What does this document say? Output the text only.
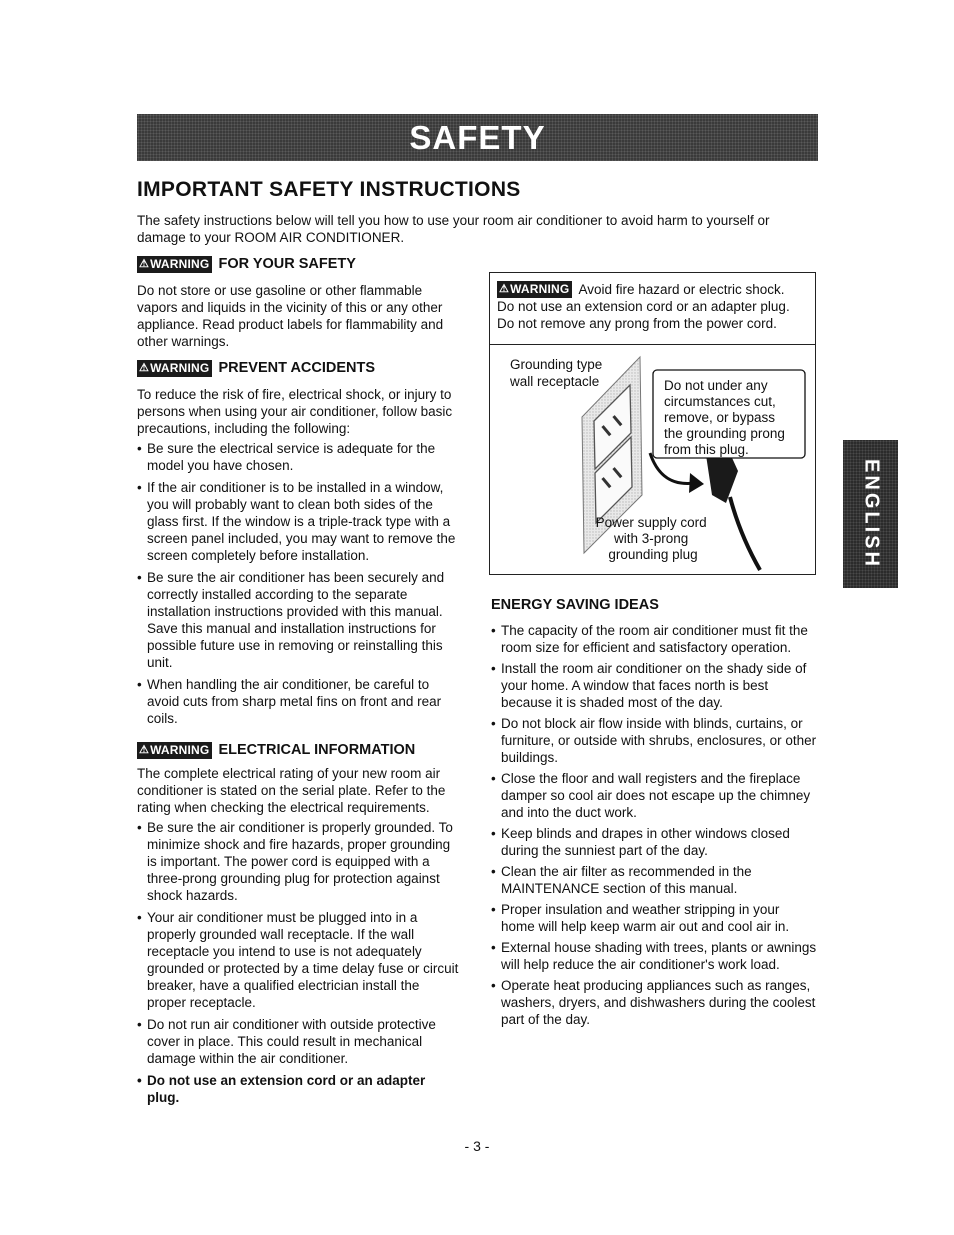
SAFETY
IMPORTANT SAFETY INSTRUCTIONS

The safety instructions below will tell you how to use your room air conditioner to avoid harm to yourself or damage to your ROOM AIR CONDITIONER.

⚠ WARNING FOR YOUR SAFETY

Do not store or use gasoline or other flammable vapors and liquids in the vicinity of this or any other appliance. Read product labels for flammability and other warnings.

⚠ WARNING PREVENT ACCIDENTS

To reduce the risk of fire, electrical shock, or injury to persons when using your air conditioner, follow basic precautions, including the following:

• Be sure the electrical service is adequate for the model you have chosen.
• If the air conditioner is to be installed in a window, you will probably want to clean both sides of the glass first. If the window is a triple-track type with a screen panel included, you may want to remove the screen completely before installation.
• Be sure the air conditioner has been securely and correctly installed according to the separate installation instructions provided with this manual. Save this manual and installation instructions for possible future use in removing or reinstalling this unit.
• When handling the air conditioner, be careful to avoid cuts from sharp metal fins on front and rear coils.
⚠ WARNING ELECTRICAL INFORMATION

The complete electrical rating of your new room air conditioner is stated on the serial plate. Refer to the rating when checking the electrical requirements.

• Be sure the air conditioner is properly grounded. To minimize shock and fire hazards, proper grounding is important. The power cord is equipped with a three-prong grounding plug for protection against shock hazards.
• Your air conditioner must be plugged into in a properly grounded wall receptacle. If the wall receptacle you intend to use is not adequately grounded or protected by a time delay fuse or circuit breaker, have a qualified electrician install the proper receptacle.
• Do not run air conditioner with outside protective cover in place. This could result in mechanical damage within the air conditioner.
• Do not use an extension cord or an adapter plug.
⚠ WARNING Avoid fire hazard or electric shock.
Do not use an extension cord or an adapter plug.
Do not remove any prong from the power cord.
Grounding type
wall receptacle	Do not under any circumstances cut, remove, or bypass the grounding prong from this plug.
Power supply cord with 3-prong grounding plug
ENERGY SAVING IDEAS
• The capacity of the room air conditioner must fit the room size for efficient and satisfactory operation.
• Install the room air conditioner on the shady side of your home. A window that faces north is best because it is shaded most of the day.
• Do not block air flow inside with blinds, curtains, or furniture, or outside with shrubs, enclosures, or other buildings.
• Close the floor and wall registers and the fireplace damper so cool air does not escape up the chimney and into the duct work.
• Keep blinds and drapes in other windows closed during the sunniest part of the day.
• Clean the air filter as recommended in the MAINTENANCE section of this manual.
• Proper insulation and weather stripping in your home will help keep warm air out and cool air in.
• External house shading with trees, plants or awnings will help reduce the air conditioner's work load.
• Operate heat producing appliances such as ranges, washers, dryers, and dishwashers during the coolest part of the day.
ENGLISH
- 3 -
